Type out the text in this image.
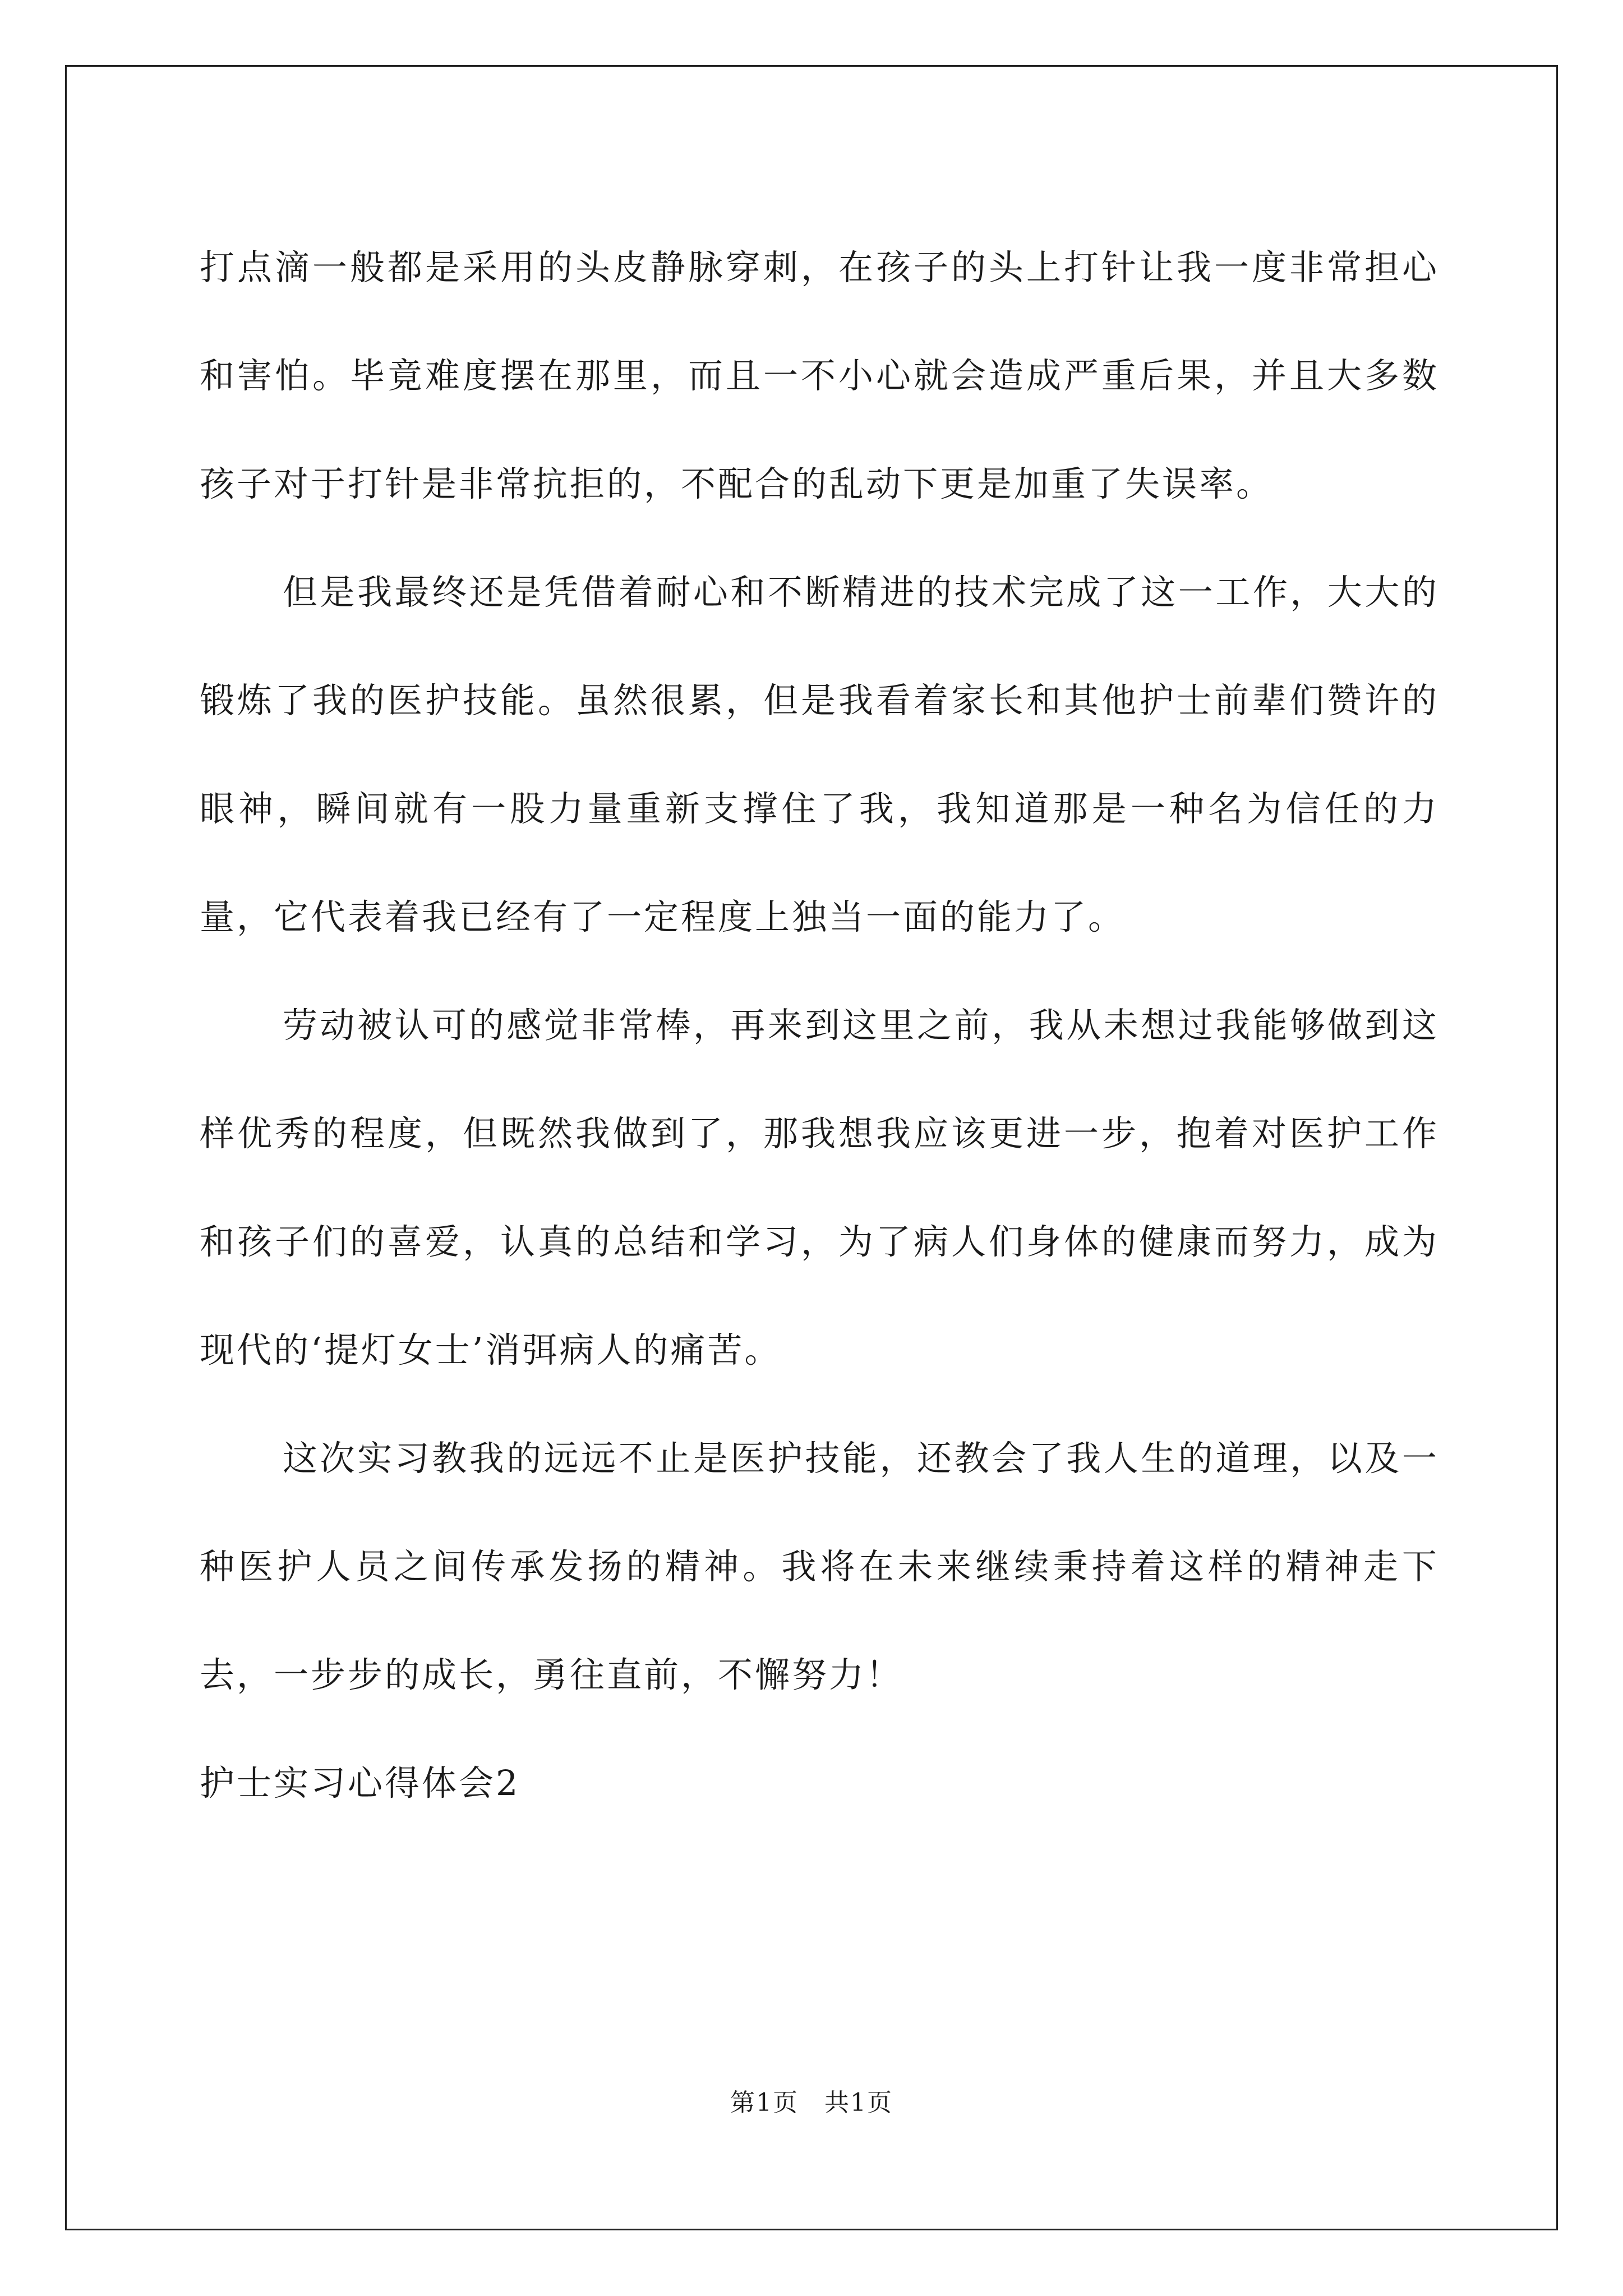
打点滴一般都是采用的头皮静脉穿刺，在孩子的头上打针让我一度非常担心和害怕。毕竟难度摆在那里，而且一不小心就会造成严重后果，并且大多数孩子对于打针是非常抗拒的，不配合的乱动下更是加重了失误率。

但是我最终还是凭借着耐心和不断精进的技术完成了这一工作，大大的锻炼了我的医护技能。虽然很累，但是我看着家长和其他护士前辈们赞许的眼神，瞬间就有一股力量重新支撑住了我，我知道那是一种名为信任的力量，它代表着我已经有了一定程度上独当一面的能力了。

劳动被认可的感觉非常棒，再来到这里之前，我从未想过我能够做到这样优秀的程度，但既然我做到了，那我想我应该更进一步，抱着对医护工作和孩子们的喜爱，认真的总结和学习，为了病人们身体的健康而努力，成为现代的‘提灯女士’消弭病人的痛苦。

这次实习教我的远远不止是医护技能，还教会了我人生的道理，以及一种医护人员之间传承发扬的精神。我将在未来继续秉持着这样的精神走下去，一步步的成长，勇往直前，不懈努力！

护士实习心得体会2

第1页　共1页
